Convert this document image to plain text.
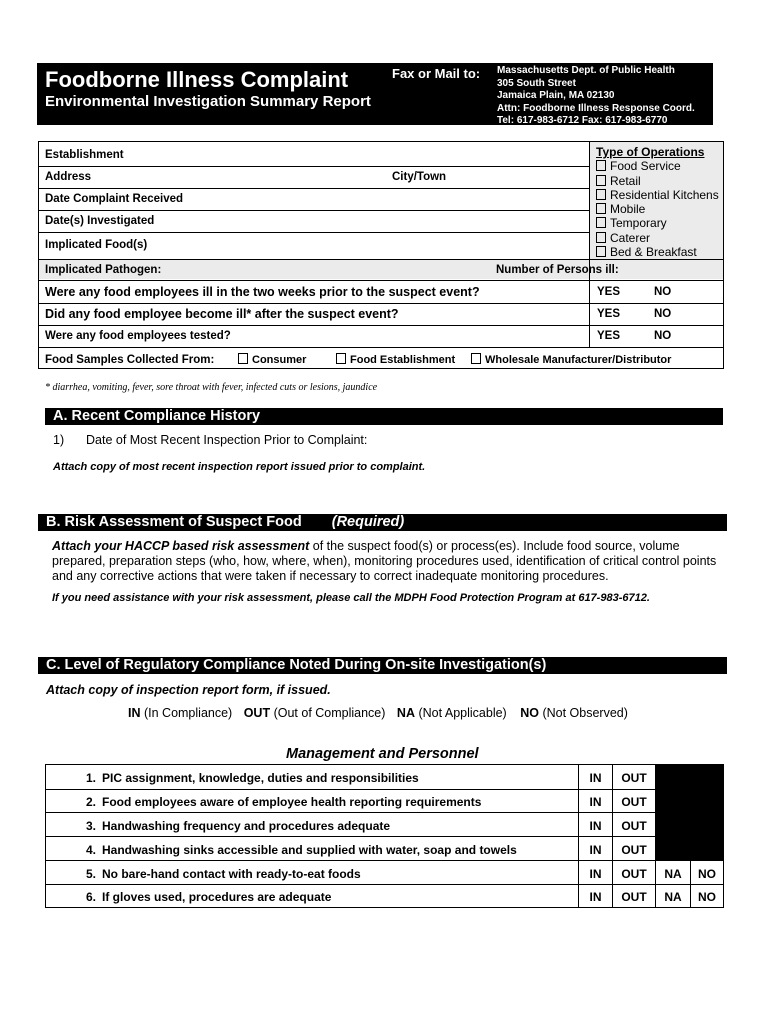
Foodborne Illness Complaint
Environmental Investigation Summary Report
Fax or Mail to: Massachusetts Dept. of Public Health
305 South Street
Jamaica Plain, MA 02130
Attn: Foodborne Illness Response Coord.
Tel: 617-983-6712 Fax: 617-983-6770
Establishment
Address	City/Town
Date Complaint Received
Date(s) Investigated
Implicated Food(s)
Implicated Pathogen:	Number of Persons ill:
Type of Operations
Food Service
Retail
Residential Kitchens
Mobile
Temporary
Caterer
Bed & Breakfast
Were any food employees ill in the two weeks prior to the suspect event?	YES	NO
Did any food employee become ill* after the suspect event?	YES	NO
Were any food employees tested?	YES	NO
Food Samples Collected From:	Consumer	Food Establishment	Wholesale Manufacturer/Distributor
* diarrhea, vomiting, fever, sore throat with fever, infected cuts or lesions, jaundice
A. Recent Compliance History
1) Date of Most Recent Inspection Prior to Complaint:
Attach copy of most recent inspection report issued prior to complaint.
B. Risk Assessment of Suspect Food (Required)
Attach your HACCP based risk assessment of the suspect food(s) or process(es). Include food source, volume prepared, preparation steps (who, how, where, when), monitoring procedures used, identification of critical control points and any corrective actions that were taken if necessary to correct inadequate monitoring procedures.
If you need assistance with your risk assessment, please call the MDPH Food Protection Program at 617-983-6712.
C. Level of Regulatory Compliance Noted During On-site Investigation(s)
Attach copy of inspection report form, if issued.
IN (In Compliance) OUT (Out of Compliance) NA (Not Applicable) NO (Not Observed)
Management and Personnel
1. PIC assignment, knowledge, duties and responsibilities	IN	OUT
2. Food employees aware of employee health reporting requirements	IN	OUT
3. Handwashing frequency and procedures adequate	IN	OUT
4. Handwashing sinks accessible and supplied with water, soap and towels	IN	OUT
5. No bare-hand contact with ready-to-eat foods	IN	OUT	NA	NO
6. If gloves used, procedures are adequate	IN	OUT	NA	NO
